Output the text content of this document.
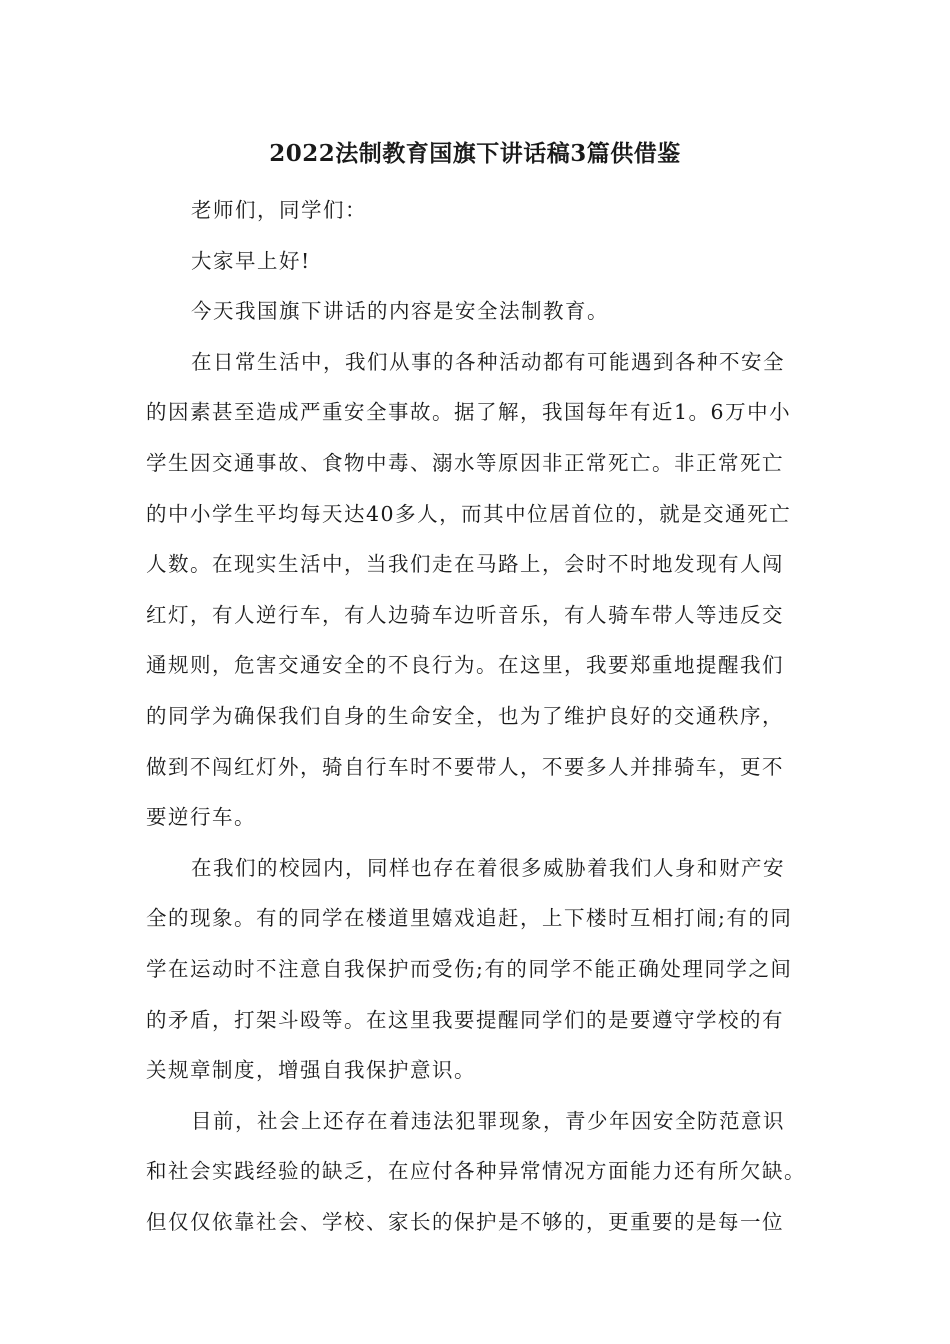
2022法制教育国旗下讲话稿3篇供借鉴
老师们，同学们：
大家早上好!
今天我国旗下讲话的内容是安全法制教育。
在日常生活中，我们从事的各种活动都有可能遇到各种不安全
的因素甚至造成严重安全事故。据了解，我国每年有近1。6万中小
学生因交通事故、食物中毒、溺水等原因非正常死亡。非正常死亡
的中小学生平均每天达40多人，而其中位居首位的，就是交通死亡
人数。在现实生活中，当我们走在马路上，会时不时地发现有人闯
红灯，有人逆行车，有人边骑车边听音乐，有人骑车带人等违反交
通规则，危害交通安全的不良行为。在这里，我要郑重地提醒我们
的同学为确保我们自身的生命安全，也为了维护良好的交通秩序，
做到不闯红灯外，骑自行车时不要带人，不要多人并排骑车，更不
要逆行车。
在我们的校园内，同样也存在着很多威胁着我们人身和财产安
全的现象。有的同学在楼道里嬉戏追赶，上下楼时互相打闹;有的同
学在运动时不注意自我保护而受伤;有的同学不能正确处理同学之间
的矛盾，打架斗殴等。在这里我要提醒同学们的是要遵守学校的有
关规章制度，增强自我保护意识。
目前，社会上还存在着违法犯罪现象，青少年因安全防范意识
和社会实践经验的缺乏，在应付各种异常情况方面能力还有所欠缺。
但仅仅依靠社会、学校、家长的保护是不够的，更重要的是每一位
